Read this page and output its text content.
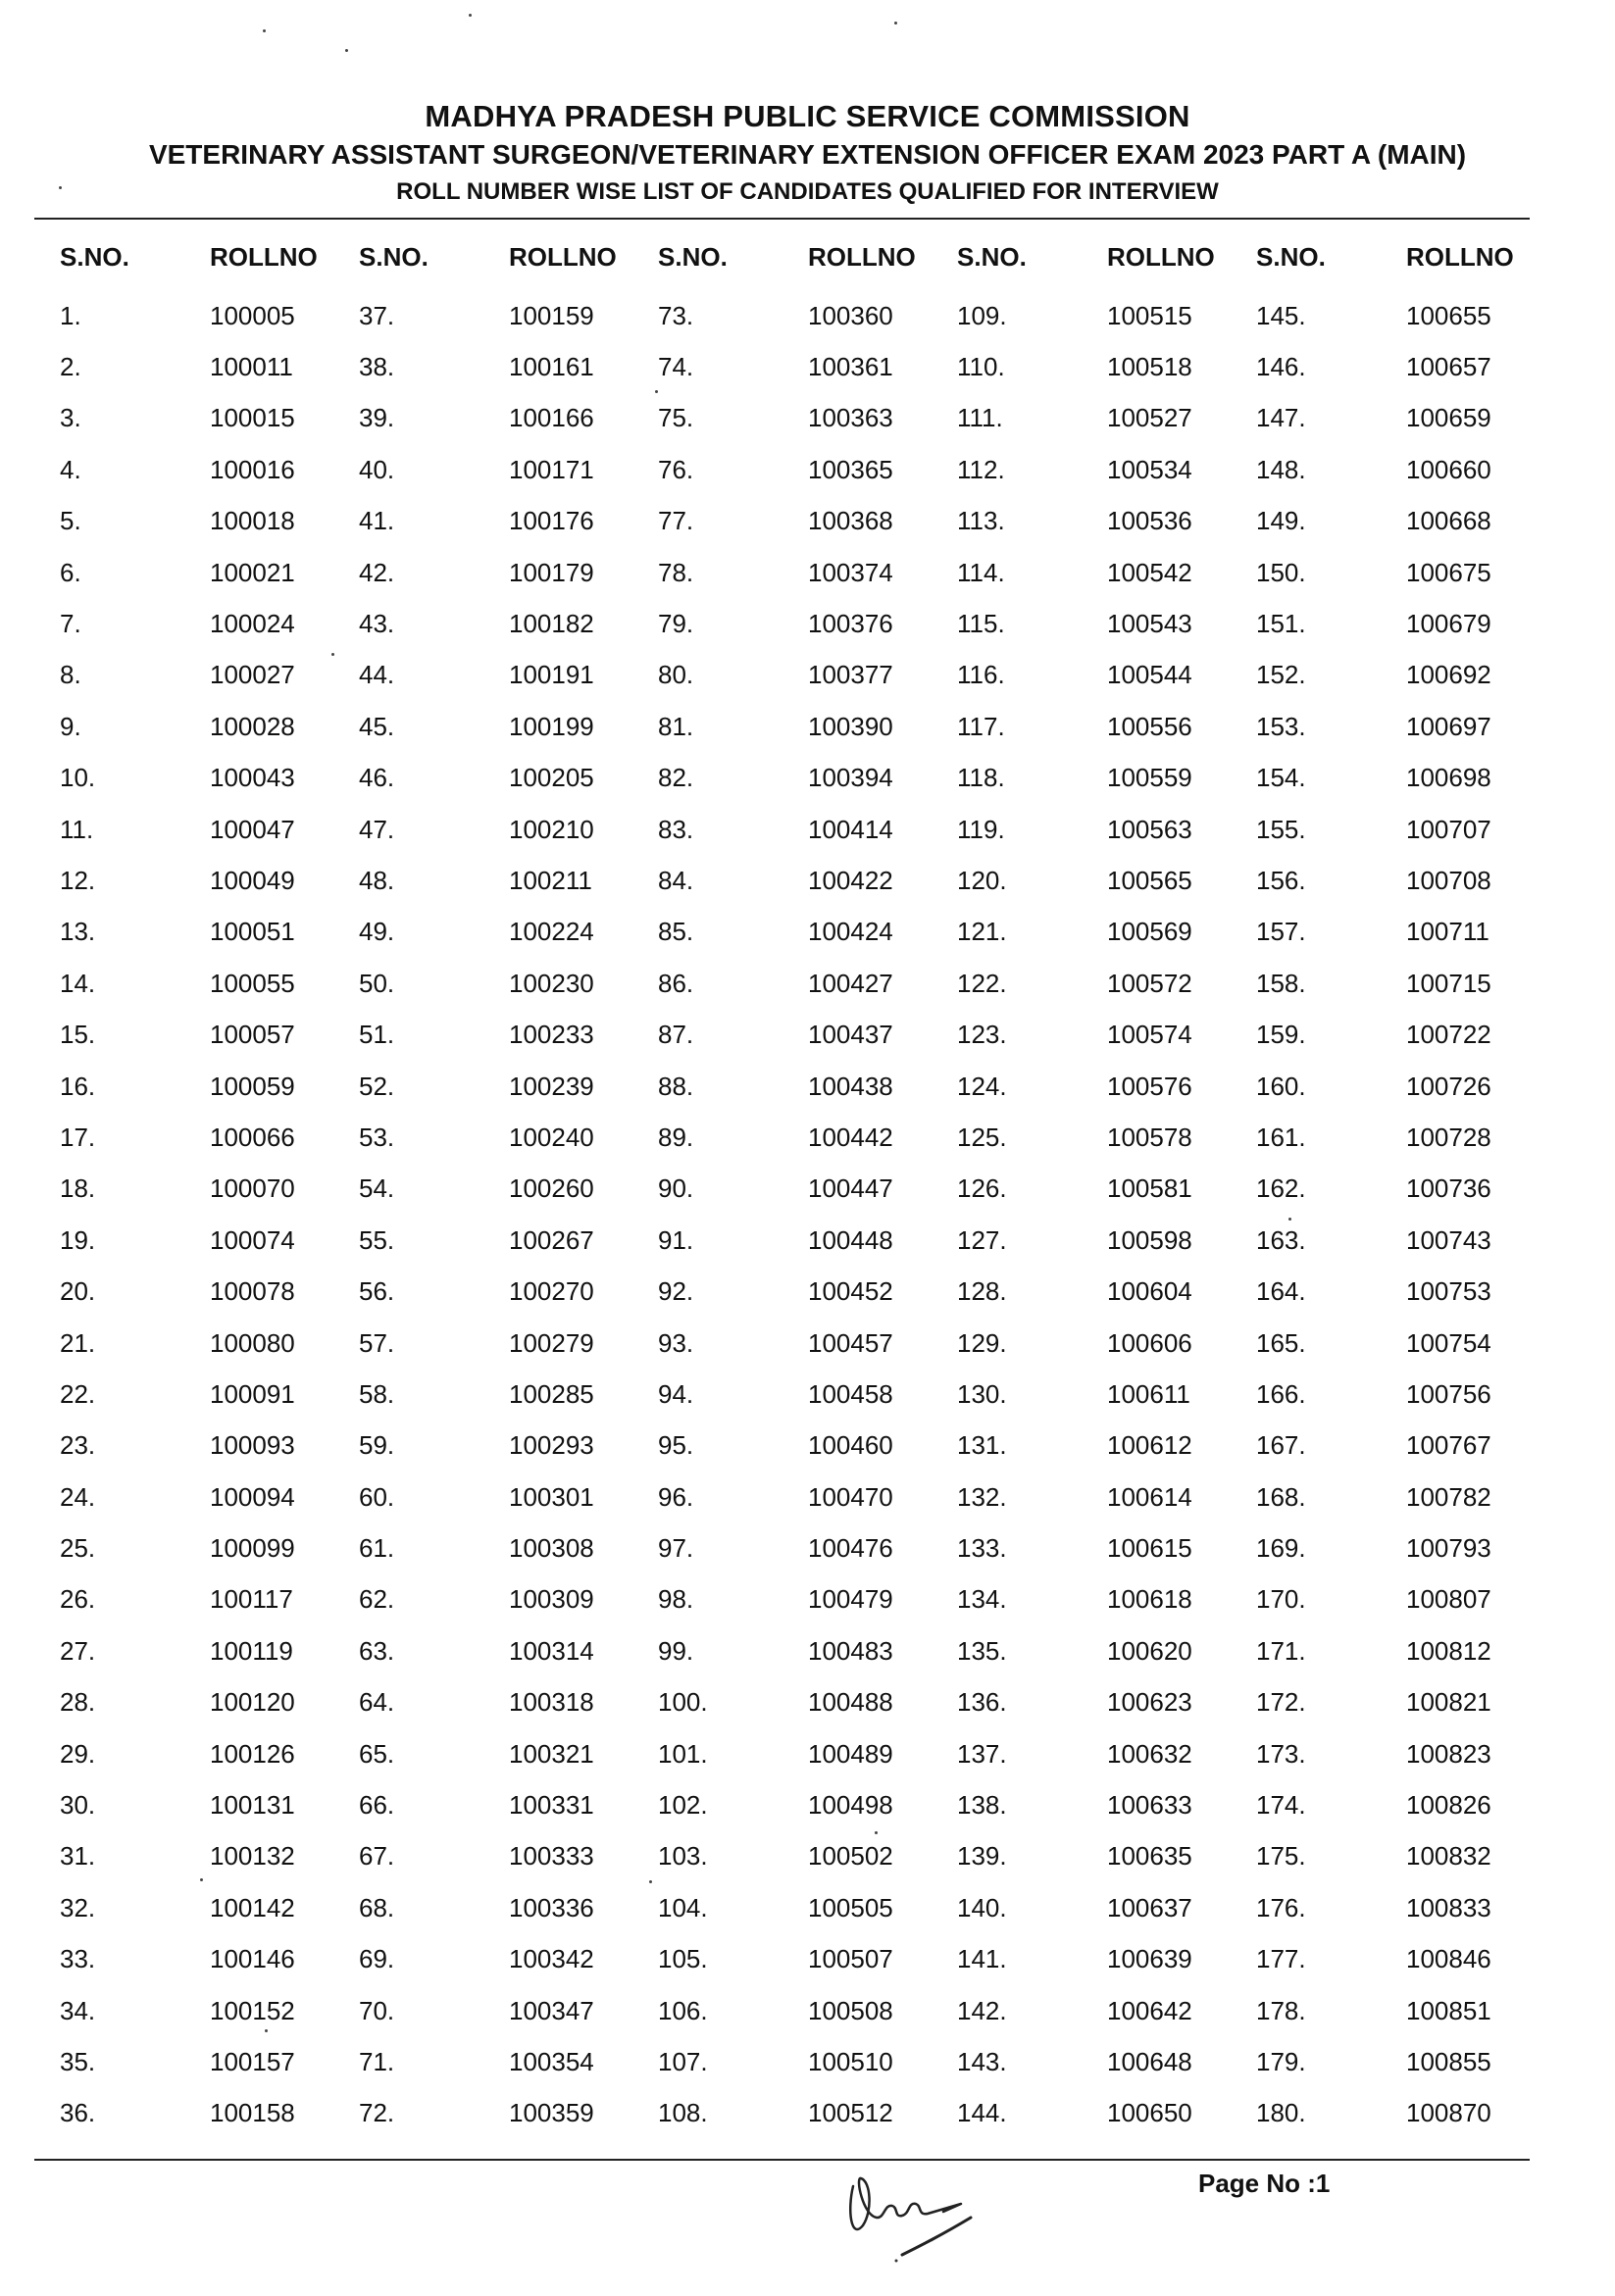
MADHYA PRADESH PUBLIC SERVICE COMMISSION
VETERINARY ASSISTANT SURGEON/VETERINARY EXTENSION OFFICER EXAM 2023 PART A (MAIN)
ROLL NUMBER WISE LIST OF CANDIDATES QUALIFIED FOR INTERVIEW
S.NO.	ROLLNO	S.NO.	ROLLNO	S.NO.	ROLLNO	S.NO.	ROLLNO	S.NO.	ROLLNO
1.	100005	37.	100159	73.	100360	109.	100515	145.	100655
2.	100011	38.	100161	74.	100361	110.	100518	146.	100657
3.	100015	39.	100166	75.	100363	111.	100527	147.	100659
4.	100016	40.	100171	76.	100365	112.	100534	148.	100660
5.	100018	41.	100176	77.	100368	113.	100536	149.	100668
6.	100021	42.	100179	78.	100374	114.	100542	150.	100675
7.	100024	43.	100182	79.	100376	115.	100543	151.	100679
8.	100027	44.	100191	80.	100377	116.	100544	152.	100692
9.	100028	45.	100199	81.	100390	117.	100556	153.	100697
10.	100043	46.	100205	82.	100394	118.	100559	154.	100698
11.	100047	47.	100210	83.	100414	119.	100563	155.	100707
12.	100049	48.	100211	84.	100422	120.	100565	156.	100708
13.	100051	49.	100224	85.	100424	121.	100569	157.	100711
14.	100055	50.	100230	86.	100427	122.	100572	158.	100715
15.	100057	51.	100233	87.	100437	123.	100574	159.	100722
16.	100059	52.	100239	88.	100438	124.	100576	160.	100726
17.	100066	53.	100240	89.	100442	125.	100578	161.	100728
18.	100070	54.	100260	90.	100447	126.	100581	162.	100736
19.	100074	55.	100267	91.	100448	127.	100598	163.	100743
20.	100078	56.	100270	92.	100452	128.	100604	164.	100753
21.	100080	57.	100279	93.	100457	129.	100606	165.	100754
22.	100091	58.	100285	94.	100458	130.	100611	166.	100756
23.	100093	59.	100293	95.	100460	131.	100612	167.	100767
24.	100094	60.	100301	96.	100470	132.	100614	168.	100782
25.	100099	61.	100308	97.	100476	133.	100615	169.	100793
26.	100117	62.	100309	98.	100479	134.	100618	170.	100807
27.	100119	63.	100314	99.	100483	135.	100620	171.	100812
28.	100120	64.	100318	100.	100488	136.	100623	172.	100821
29.	100126	65.	100321	101.	100489	137.	100632	173.	100823
30.	100131	66.	100331	102.	100498	138.	100633	174.	100826
31.	100132	67.	100333	103.	100502	139.	100635	175.	100832
32.	100142	68.	100336	104.	100505	140.	100637	176.	100833
33.	100146	69.	100342	105.	100507	141.	100639	177.	100846
34.	100152	70.	100347	106.	100508	142.	100642	178.	100851
35.	100157	71.	100354	107.	100510	143.	100648	179.	100855
36.	100158	72.	100359	108.	100512	144.	100650	180.	100870
Page No :1
